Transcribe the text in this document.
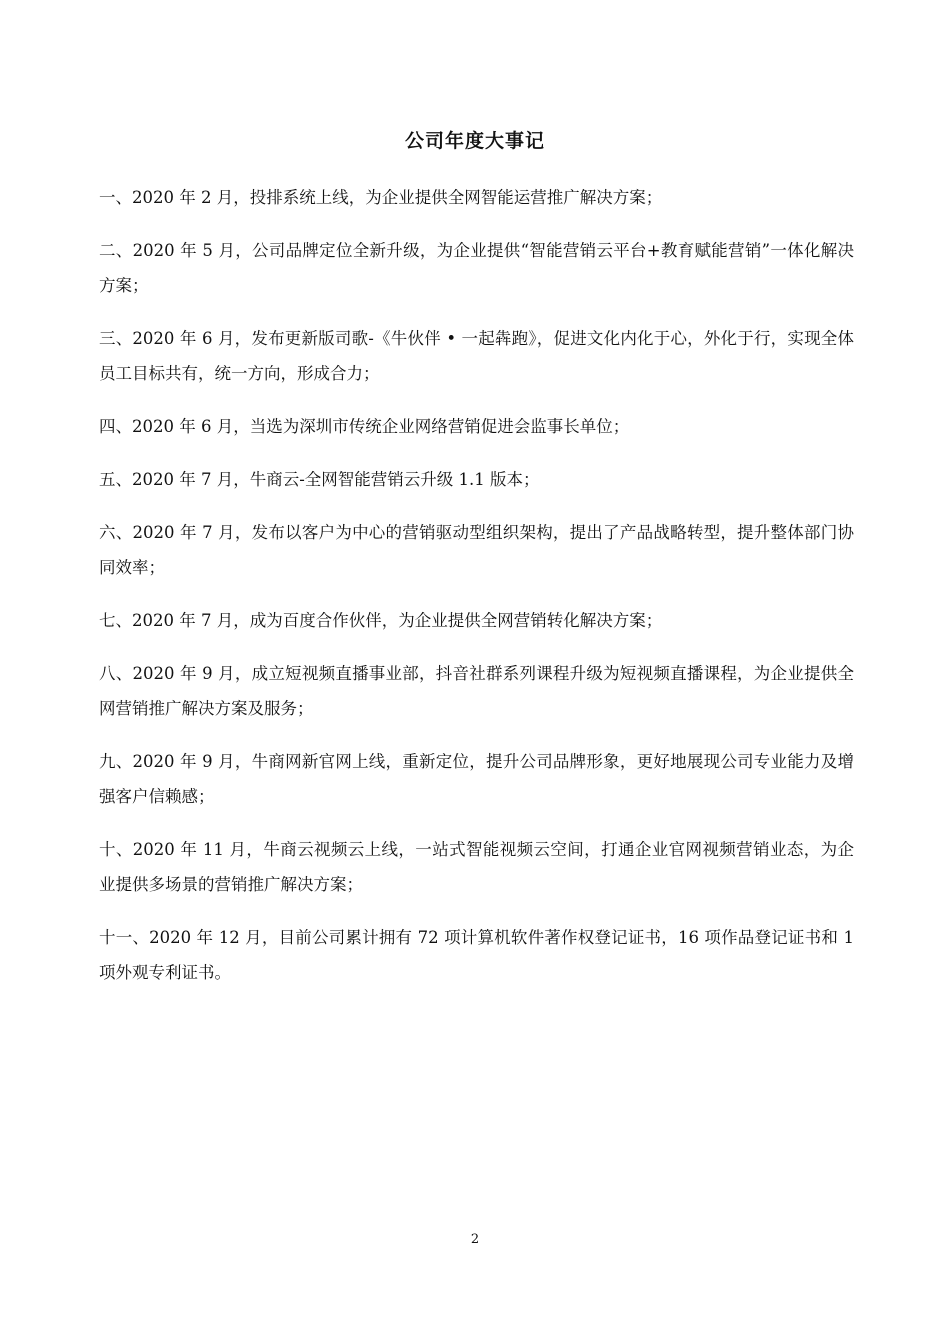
公司年度大事记
一、2020 年 2 月，投排系统上线，为企业提供全网智能运营推广解决方案；
二、2020 年 5 月，公司品牌定位全新升级，为企业提供“智能营销云平台+教育赋能营销”一体化解决方案；
三、2020 年 6 月，发布更新版司歌-《牛伙伴 • 一起犇跑》，促进文化内化于心，外化于行，实现全体员工目标共有，统一方向，形成合力；
四、2020 年 6 月，当选为深圳市传统企业网络营销促进会监事长单位；
五、2020 年 7 月，牛商云-全网智能营销云升级 1.1 版本；
六、2020 年 7 月，发布以客户为中心的营销驱动型组织架构，提出了产品战略转型，提升整体部门协同效率；
七、2020 年 7 月，成为百度合作伙伴，为企业提供全网营销转化解决方案；
八、2020 年 9 月，成立短视频直播事业部，抖音社群系列课程升级为短视频直播课程，为企业提供全网营销推广解决方案及服务；
九、2020 年 9 月，牛商网新官网上线，重新定位，提升公司品牌形象，更好地展现公司专业能力及增强客户信赖感；
十、2020 年 11 月，牛商云视频云上线，一站式智能视频云空间，打通企业官网视频营销业态，为企业提供多场景的营销推广解决方案；
十一、2020 年 12 月，目前公司累计拥有 72 项计算机软件著作权登记证书，16 项作品登记证书和 1 项外观专利证书。
2
